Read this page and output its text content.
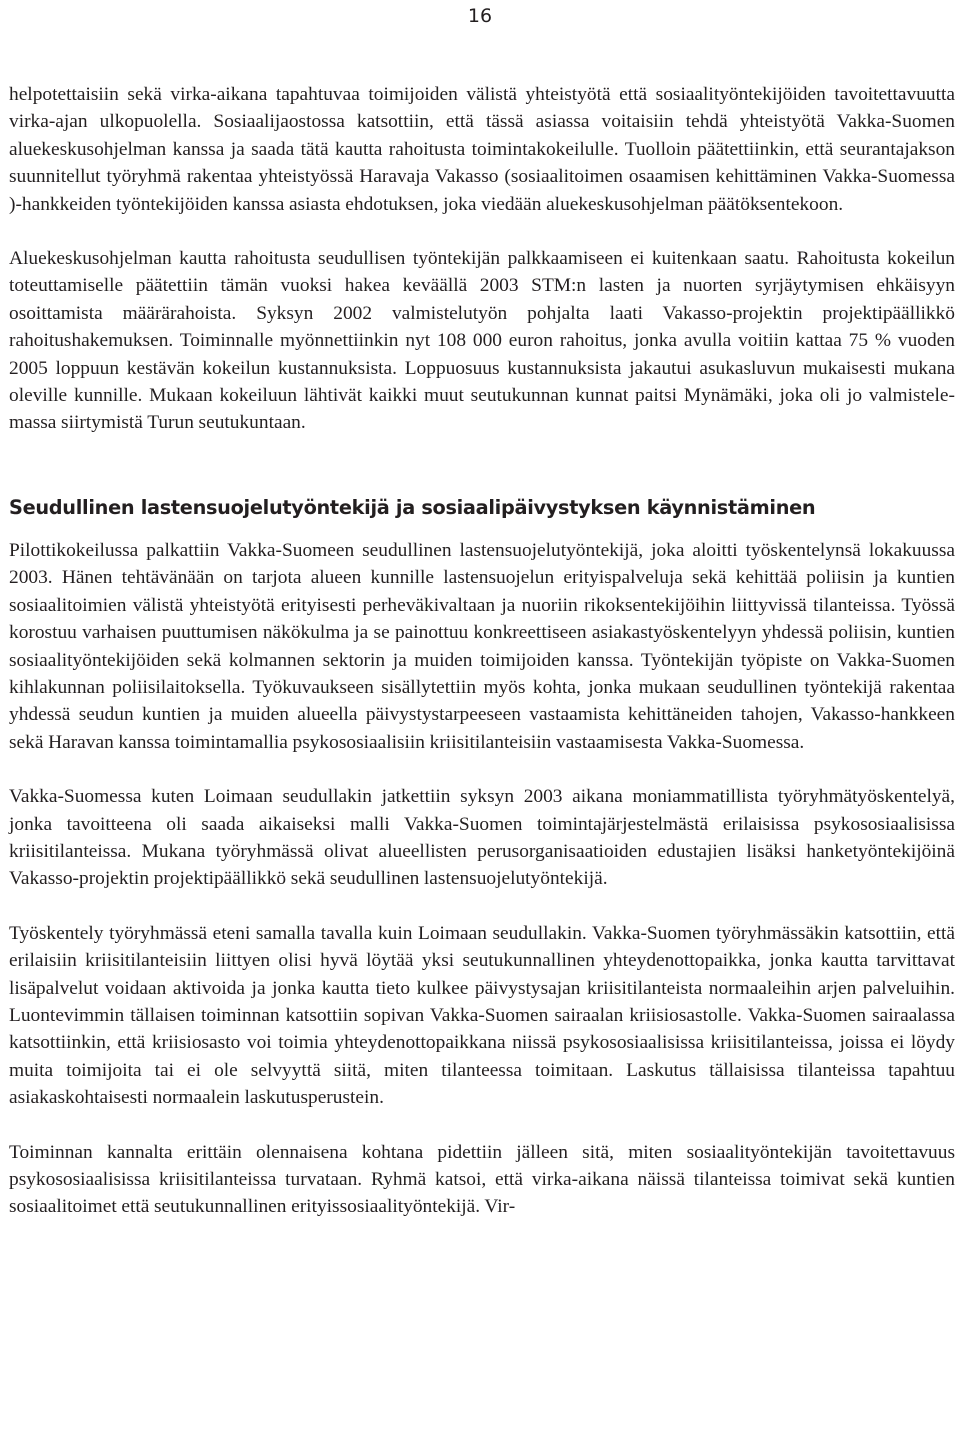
16

helpotettaisiin sekä virka-aikana tapahtuvaa toimijoiden välistä yhteistyötä että sosiaalityöntekijöiden tavoitettavuutta virka-ajan ulkopuolella. Sosiaalijaostossa katsottiin, että tässä asiassa voitaisiin tehdä yhteistyötä Vakka-Suomen aluekeskusohjelman kanssa ja saada tätä kautta rahoitusta toimintakokeilulle. Tuolloin päätettiinkin, että seurantajakson suunnitellut työryhmä rakentaa yhteistyössä Haravaja Vakasso (sosiaalitoimen osaamisen kehittäminen Vakka-Suomessa )-hankkeiden työntekijöiden kanssa asiasta ehdotuksen, joka viedään aluekeskusohjelman päätöksentekoon.

Aluekeskusohjelman kautta rahoitusta seudullisen työntekijän palkkaamiseen ei kuitenkaan saatu. Rahoitusta kokeilun toteuttamiselle päätettiin tämän vuoksi hakea keväällä 2003 STM:n lasten ja nuorten syrjäytymisen ehkäisyyn osoittamista määrärahoista. Syksyn 2002 valmistelutyön pohjalta laati Vakasso-projektin projektipäällikkö rahoitushakemuksen. Toiminnalle myönnettiinkin nyt 108 000 euron rahoitus, jonka avulla voitiin kattaa 75 % vuoden 2005 loppuun kestävän kokeilun kustannuksista. Loppuosuus kustannuksista jakautui asukasluvun mukaisesti mukana oleville kunnille. Mukaan kokeiluun lähtivät kaikki muut seutukunnan kunnat paitsi Mynämäki, joka oli jo valmistelemassa siirtymistä Turun seutukuntaan.

Seudullinen lastensuojelutyöntekijä ja sosiaalipäivystyksen käynnistäminen

Pilottikokeilussa palkattiin Vakka-Suomeen seudullinen lastensuojelutyöntekijä, joka aloitti työskentelynsä lokakuussa 2003. Hänen tehtävänään on tarjota alueen kunnille lastensuojelun erityispalveluja sekä kehittää poliisin ja kuntien sosiaalitoimien välistä yhteistyötä erityisesti perheväkivaltaan ja nuoriin rikoksentekijöihin liittyvissä tilanteissa. Työssä korostuu varhaisen puuttumisen näkökulma ja se painottuu konkreettiseen asiakastyöskentelyyn yhdessä poliisin, kuntien sosiaalityöntekijöiden sekä kolmannen sektorin ja muiden toimijoiden kanssa. Työntekijän työpiste on Vakka-Suomen kihlakunnan poliisilaitoksella. Työkuvaukseen sisällytettiin myös kohta, jonka mukaan seudullinen työntekijä rakentaa yhdessä seudun kuntien ja muiden alueella päivystystarpeeseen vastaamista kehittäneiden tahojen, Vakasso-hankkeen sekä Haravan kanssa toimintamallia psykososiaalisiin kriisitilanteisiin vastaamisesta Vakka-Suomessa.

Vakka-Suomessa kuten Loimaan seudullakin jatkettiin syksyn 2003 aikana moniammatillista työryhmätyöskentelyä, jonka tavoitteena oli saada aikaiseksi malli Vakka-Suomen toimintajärjestelmästä erilaisissa psykososiaalisissa kriisitilanteissa. Mukana työryhmässä olivat alueellisten perusorganisaatioiden edustajien lisäksi hanketyöntekijöinä Vakasso-projektin projektipäällikkö sekä seudullinen lastensuojelutyöntekijä.

Työskentely työryhmässä eteni samalla tavalla kuin Loimaan seudullakin. Vakka-Suomen työryhmässäkin katsottiin, että erilaisiin kriisitilanteisiin liittyen olisi hyvä löytää yksi seutukunnallinen yhteydenottopaikka, jonka kautta tarvittavat lisäpalvelut voidaan aktivoida ja jonka kautta tieto kulkee päivystysajan kriisitilanteista normaaleihin arjen palveluihin. Luontevimmin tällaisen toiminnan katsottiin sopivan Vakka-Suomen sairaalan kriisiosastolle. Vakka-Suomen sairaalassa katsottiinkin, että kriisiosasto voi toimia yhteydenottopaikkana niissä psykososiaalisissa kriisitilanteissa, joissa ei löydy muita toimijoita tai ei ole selvyyttä siitä, miten tilanteessa toimitaan. Laskutus tällaisissa tilanteissa tapahtuu asiakaskohtaisesti normaalein laskutusperustein.

Toiminnan kannalta erittäin olennaisena kohtana pidettiin jälleen sitä, miten sosiaalityöntekijän tavoitettavuus psykososiaalisissa kriisitilanteissa turvataan. Ryhmä katsoi, että virka-aikana näissä tilanteissa toimivat sekä kuntien sosiaalitoimet että seutukunnallinen erityissosiaalityöntekijä. Vir-
